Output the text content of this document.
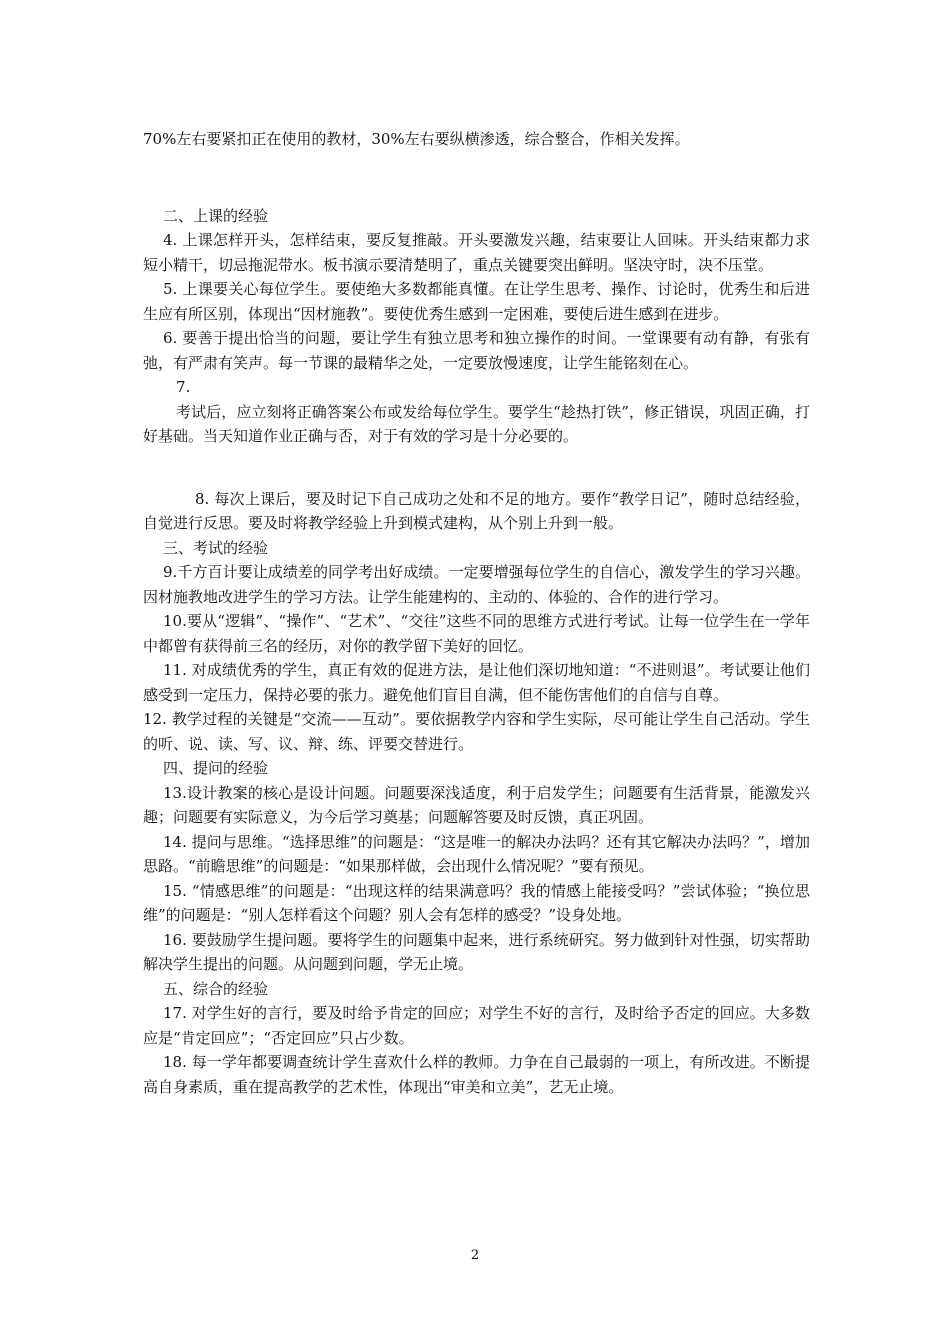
70%左右要紧扣正在使用的教材，30%左右要纵横渗透，综合整合，作相关发挥。

二、上课的经验

4. 上课怎样开头，怎样结束，要反复推敲。开头要激发兴趣，结束要让人回味。开头结束都力求短小精干，切忌拖泥带水。板书演示要清楚明了，重点关键要突出鲜明。坚决守时，决不压堂。

5. 上课要关心每位学生。要使绝大多数都能真懂。在让学生思考、操作、讨论时，优秀生和后进生应有所区别，体现出“因材施教”。要使优秀生感到一定困难，要使后进生感到在进步。

6. 要善于提出恰当的问题，要让学生有独立思考和独立操作的时间。一堂课要有动有静，有张有弛，有严肃有笑声。每一节课的最精华之处，一定要放慢速度，让学生能铭刻在心。

7.

考试后，应立刻将正确答案公布或发给每位学生。要学生“趁热打铁”，修正错误，巩固正确，打好基础。当天知道作业正确与否，对于有效的学习是十分必要的。

8. 每次上课后，要及时记下自己成功之处和不足的地方。要作“教学日记”，随时总结经验，自觉进行反思。要及时将教学经验上升到模式建构，从个别上升到一般。

三、考试的经验

9.千方百计要让成绩差的同学考出好成绩。一定要增强每位学生的自信心，激发学生的学习兴趣。因材施教地改进学生的学习方法。让学生能建构的、主动的、体验的、合作的进行学习。

10.要从“逻辑”、“操作”、“艺术”、“交往”这些不同的思维方式进行考试。让每一位学生在一学年中都曾有获得前三名的经历，对你的教学留下美好的回忆。

11. 对成绩优秀的学生，真正有效的促进方法，是让他们深切地知道：“不进则退”。考试要让他们感受到一定压力，保持必要的张力。避免他们盲目自满，但不能伤害他们的自信与自尊。

12. 教学过程的关键是“交流——互动”。要依据教学内容和学生实际，尽可能让学生自己活动。学生的听、说、读、写、议、辩、练、评要交替进行。

四、提问的经验

13.设计教案的核心是设计问题。问题要深浅适度，利于启发学生；问题要有生活背景，能激发兴趣；问题要有实际意义，为今后学习奠基；问题解答要及时反馈，真正巩固。

14. 提问与思维。“选择思维”的问题是：“这是唯一的解决办法吗？还有其它解决办法吗？”，增加思路。“前瞻思维”的问题是：“如果那样做，会出现什么情况呢？”要有预见。

15. “情感思维”的问题是：“出现这样的结果满意吗？我的情感上能接受吗？”尝试体验；“换位思维”的问题是：“别人怎样看这个问题？别人会有怎样的感受？”设身处地。

16. 要鼓励学生提问题。要将学生的问题集中起来，进行系统研究。努力做到针对性强，切实帮助解决学生提出的问题。从问题到问题，学无止境。

五、综合的经验

17. 对学生好的言行，要及时给予肯定的回应；对学生不好的言行，及时给予否定的回应。大多数应是“肯定回应”；“否定回应”只占少数。

18. 每一学年都要调查统计学生喜欢什么样的教师。力争在自己最弱的一项上，有所改进。不断提高自身素质，重在提高教学的艺术性，体现出“审美和立美”，艺无止境。

2
